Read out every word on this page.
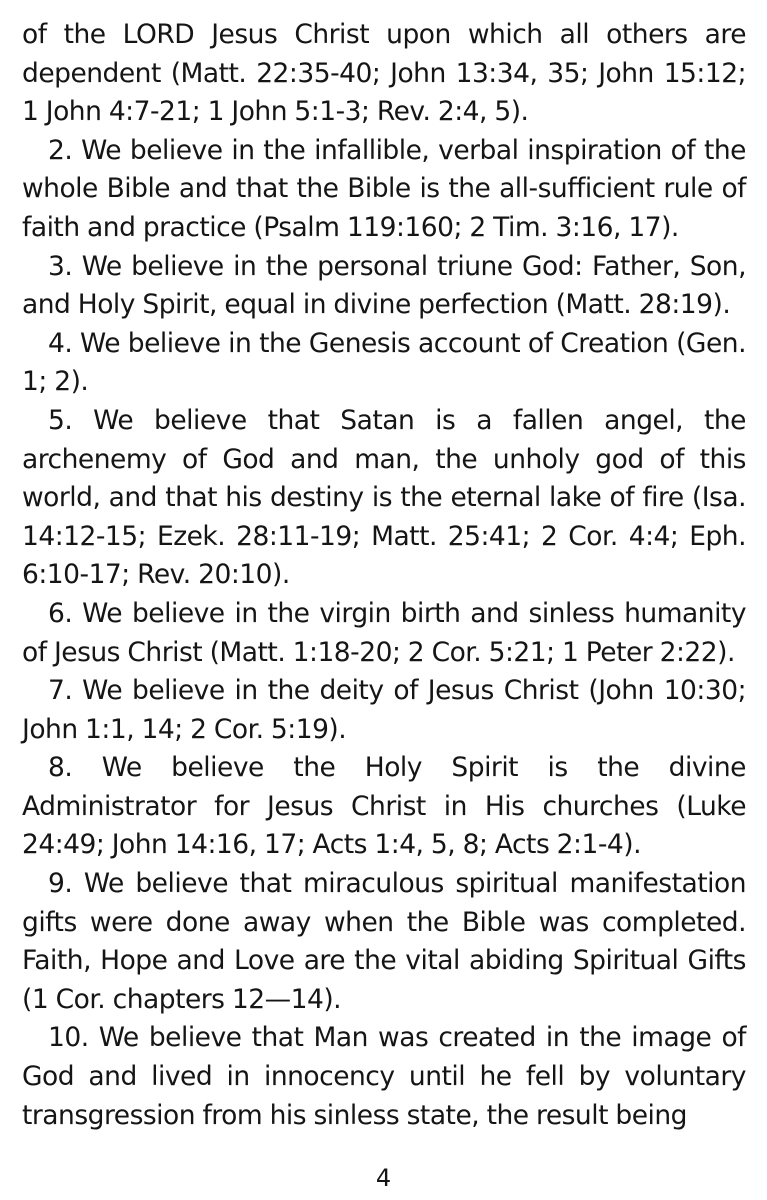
of the LORD Jesus Christ upon which all others are dependent (Matt. 22:35-40; John 13:34, 35; John 15:12; 1 John 4:7-21; 1 John 5:1-3; Rev. 2:4, 5).

2. We believe in the infallible, verbal inspiration of the whole Bible and that the Bible is the all-sufficient rule of faith and practice (Psalm 119:160; 2 Tim. 3:16, 17).

3. We believe in the personal triune God: Father, Son, and Holy Spirit, equal in divine perfection (Matt. 28:19).

4. We believe in the Genesis account of Creation (Gen. 1; 2).

5. We believe that Satan is a fallen angel, the archenemy of God and man, the unholy god of this world, and that his destiny is the eternal lake of fire (Isa. 14:12-15; Ezek. 28:11-19; Matt. 25:41; 2 Cor. 4:4; Eph. 6:10-17; Rev. 20:10).

6. We believe in the virgin birth and sinless humanity of Jesus Christ (Matt. 1:18-20; 2 Cor. 5:21; 1 Peter 2:22).

7. We believe in the deity of Jesus Christ (John 10:30; John 1:1, 14; 2 Cor. 5:19).

8. We believe the Holy Spirit is the divine Administrator for Jesus Christ in His churches (Luke 24:49; John 14:16, 17; Acts 1:4, 5, 8; Acts 2:1-4).

9. We believe that miraculous spiritual manifestation gifts were done away when the Bible was completed. Faith, Hope and Love are the vital abiding Spiritual Gifts (1 Cor. chapters 12—14).

10. We believe that Man was created in the image of God and lived in innocency until he fell by voluntary transgression from his sinless state, the result being

4
